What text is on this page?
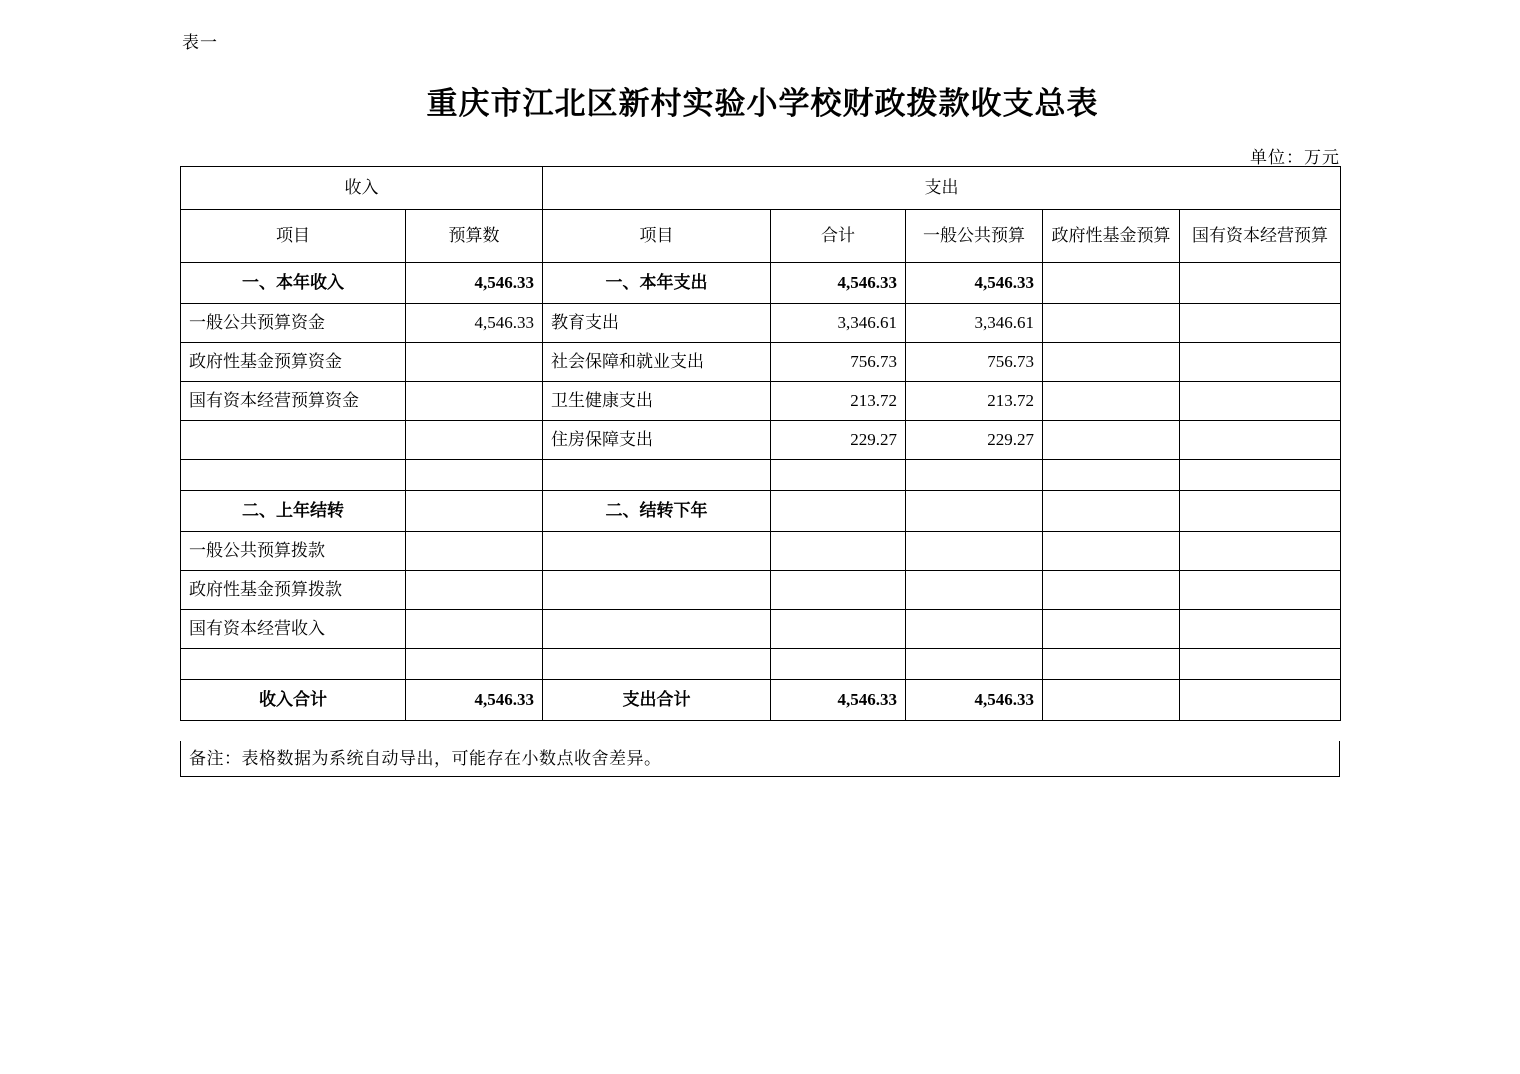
表一
重庆市江北区新村实验小学校财政拨款收支总表
单位：万元
收入		支出				
项目	预算数	项目	合计	一般公共预算	政府性基金预算	国有资本经营预算
一、本年收入	4,546.33	一、本年支出	4,546.33	4,546.33		
一般公共预算资金	4,546.33	教育支出	3,346.61	3,346.61		
政府性基金预算资金		社会保障和就业支出	756.73	756.73		
国有资本经营预算资金		卫生健康支出	213.72	213.72		
		住房保障支出	229.27	229.27		

二、上年结转		二、结转下年				
一般公共预算拨款						
政府性基金预算拨款						
国有资本经营收入						

收入合计	4,546.33	支出合计	4,546.33	4,546.33		
备注：表格数据为系统自动导出，可能存在小数点收舍差异。
